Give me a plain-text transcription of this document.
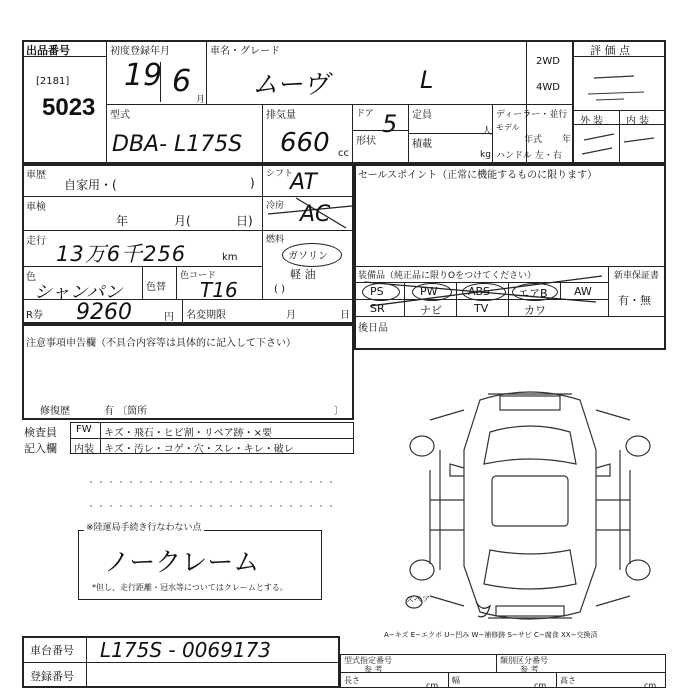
出品番号
[2181]
5023
初度登録年月
19 6
月
車名・グレード
ムーヴ	L
2WD
4WD
評 価 点
外 装 内 装
型式
DBA- L175S
排気量
660 cc
ドア 5
形状
定員
人
積載
kg
ディーラー・並行
モデル
年式 年
ハンドル 左・右
車歴
自家用・(	)
シフト
AT
車検
年	月(	日)
冷房 AC
走行
13万6千256	km
燃料
ガソリン
軽 油
( )
色
シャンパン 色替
色コード
T16
R券 9260	円 名変期限	月	日
セールスポイント（正常に機能するものに限ります）
装備品（純正品に限りOをつけてください）	新車保証書
有・無
PS	PW	ABS	エアB AW
SR	ナビ	TV	カワ
後日品
注意事項申告欄（不具合内容等は具体的に記入して下さい）
修復歴	有 〔箇所	〕
検査員
記入欄
FW キズ・飛石・ヒビ割・リペア跡・×要
内装 キズ・汚レ・コゲ・穴・スレ・キレ・破レ
※陸運局手続き行なわない点
ノークレーム
*但し、走行距離・冠水等についてはクレームとする。
スペア
A−キズ E−エクボ U−凹み W−補修跡 S−サビ C−腐食 XX−交換済
車台番号 L175S - 0069173
登録番号
型式指定番号
参 考
類別区分番号
参 考
長さ
cm
幅
cm
高さ
cm
